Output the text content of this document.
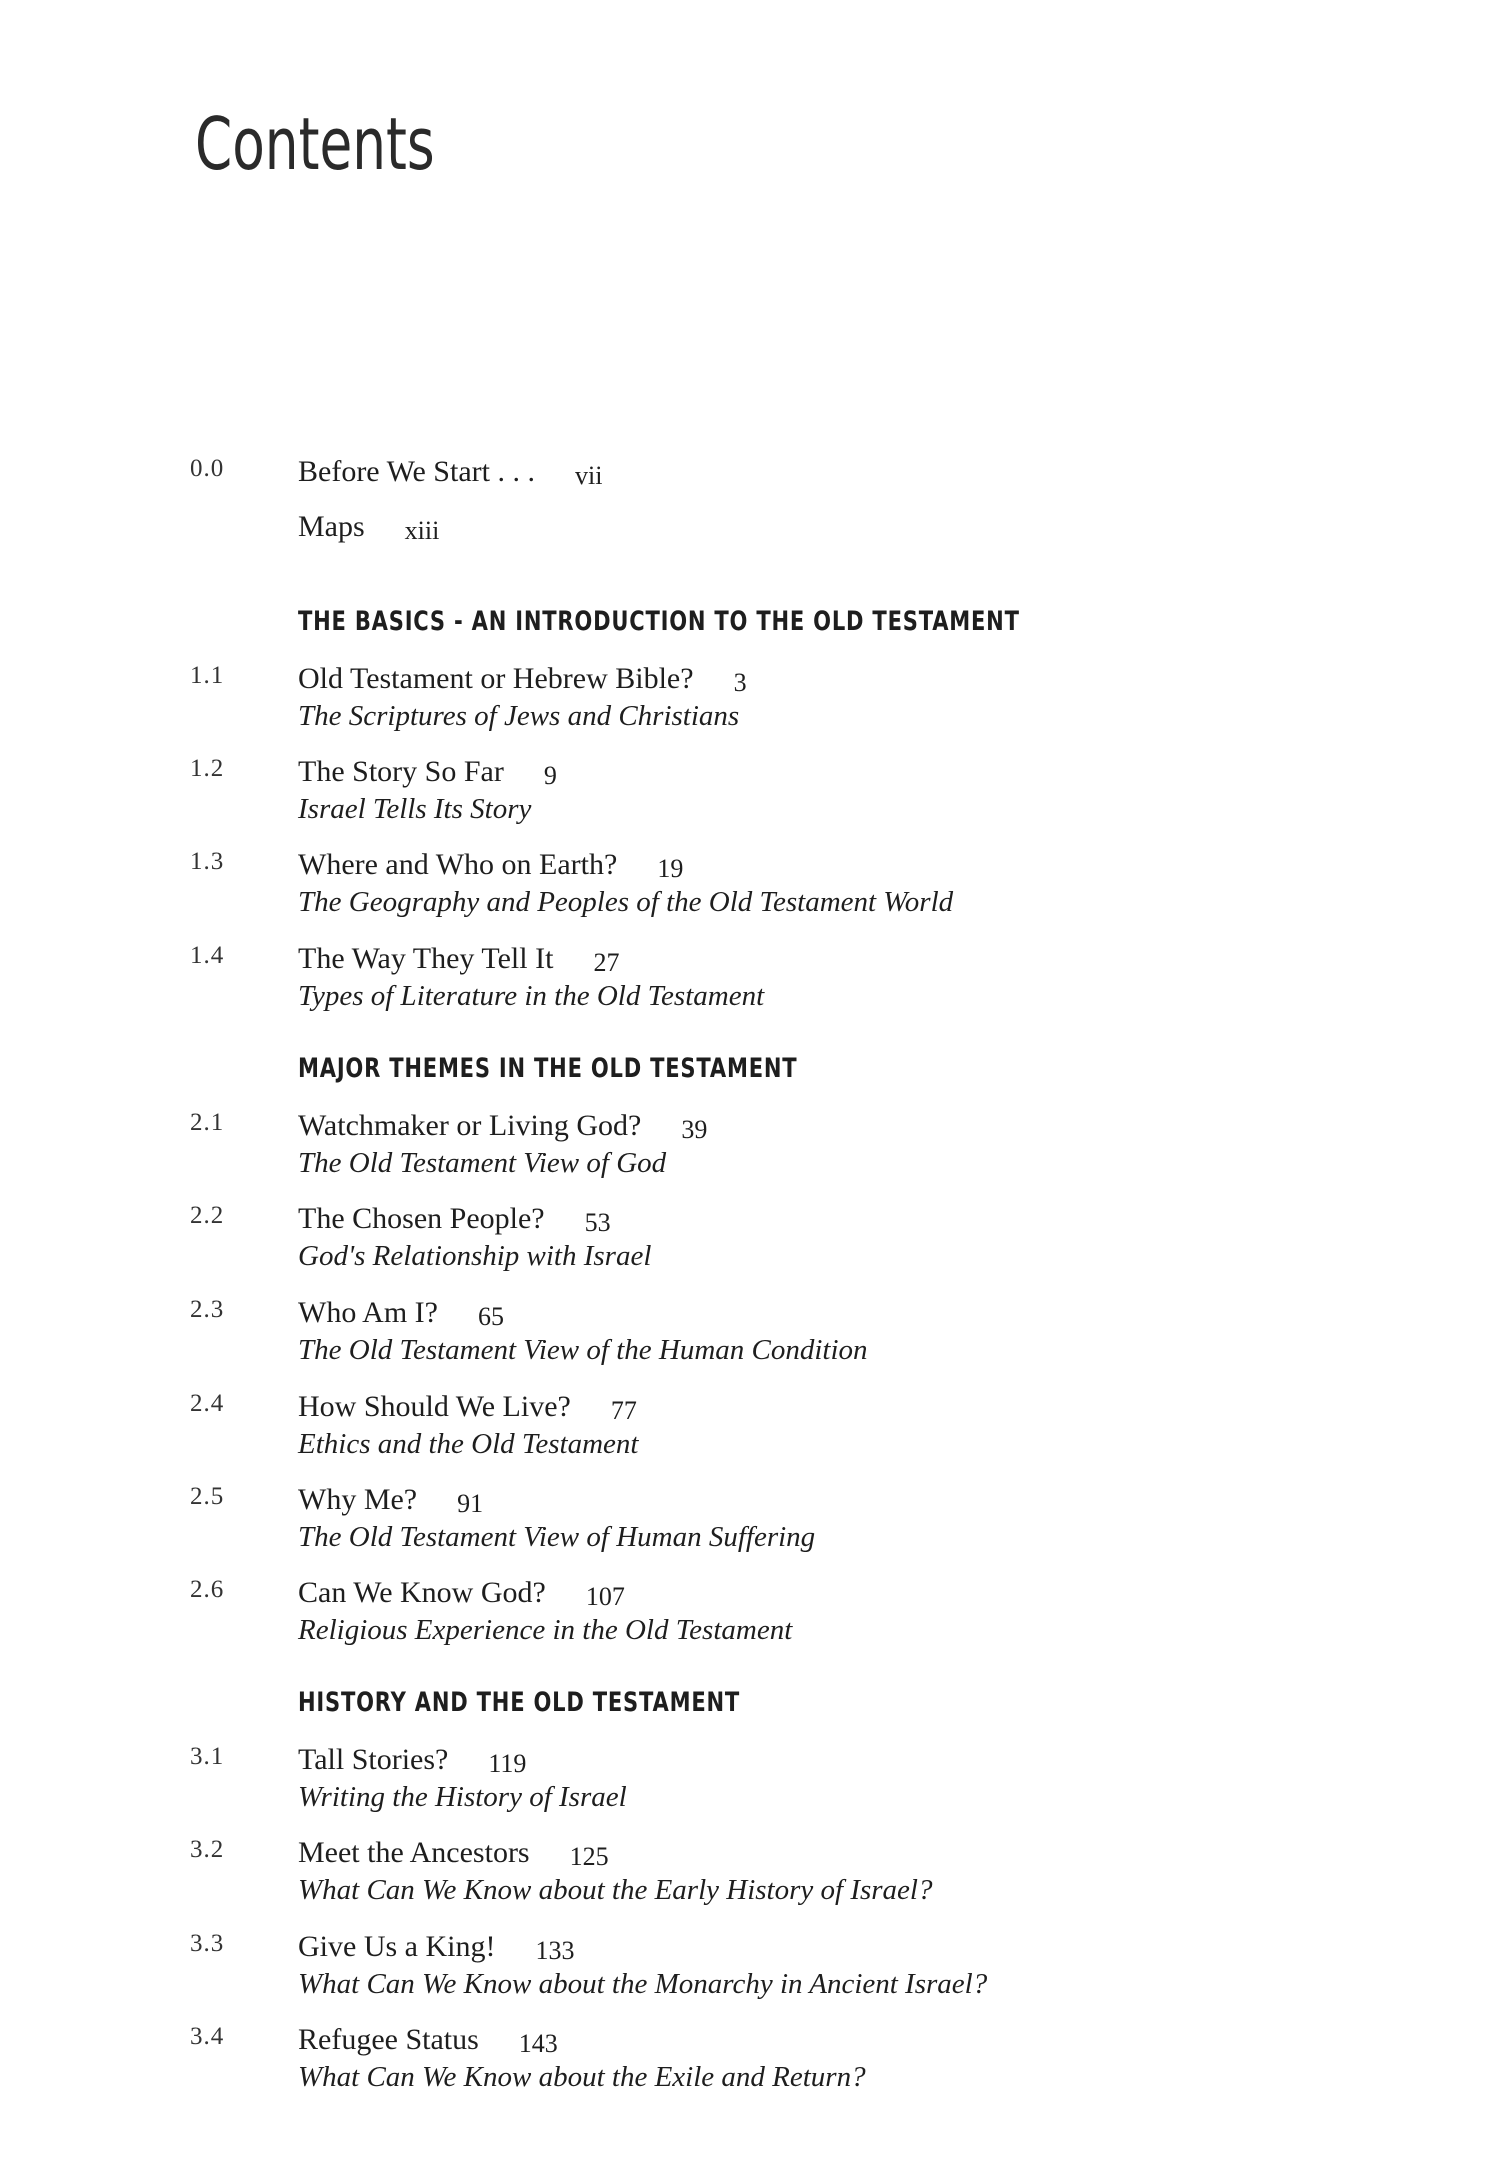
Contents
0.0 Before We Start . . . vii
Maps xiii
THE BASICS - AN INTRODUCTION TO THE OLD TESTAMENT
1.1 Old Testament or Hebrew Bible? 3
The Scriptures of Jews and Christians
1.2 The Story So Far 9
Israel Tells Its Story
1.3 Where and Who on Earth? 19
The Geography and Peoples of the Old Testament World
1.4 The Way They Tell It 27
Types of Literature in the Old Testament
MAJOR THEMES IN THE OLD TESTAMENT
2.1 Watchmaker or Living God? 39
The Old Testament View of God
2.2 The Chosen People? 53
God's Relationship with Israel
2.3 Who Am I? 65
The Old Testament View of the Human Condition
2.4 How Should We Live? 77
Ethics and the Old Testament
2.5 Why Me? 91
The Old Testament View of Human Suffering
2.6 Can We Know God? 107
Religious Experience in the Old Testament
HISTORY AND THE OLD TESTAMENT
3.1 Tall Stories? 119
Writing the History of Israel
3.2 Meet the Ancestors 125
What Can We Know about the Early History of Israel?
3.3 Give Us a King! 133
What Can We Know about the Monarchy in Ancient Israel?
3.4 Refugee Status 143
What Can We Know about the Exile and Return?
